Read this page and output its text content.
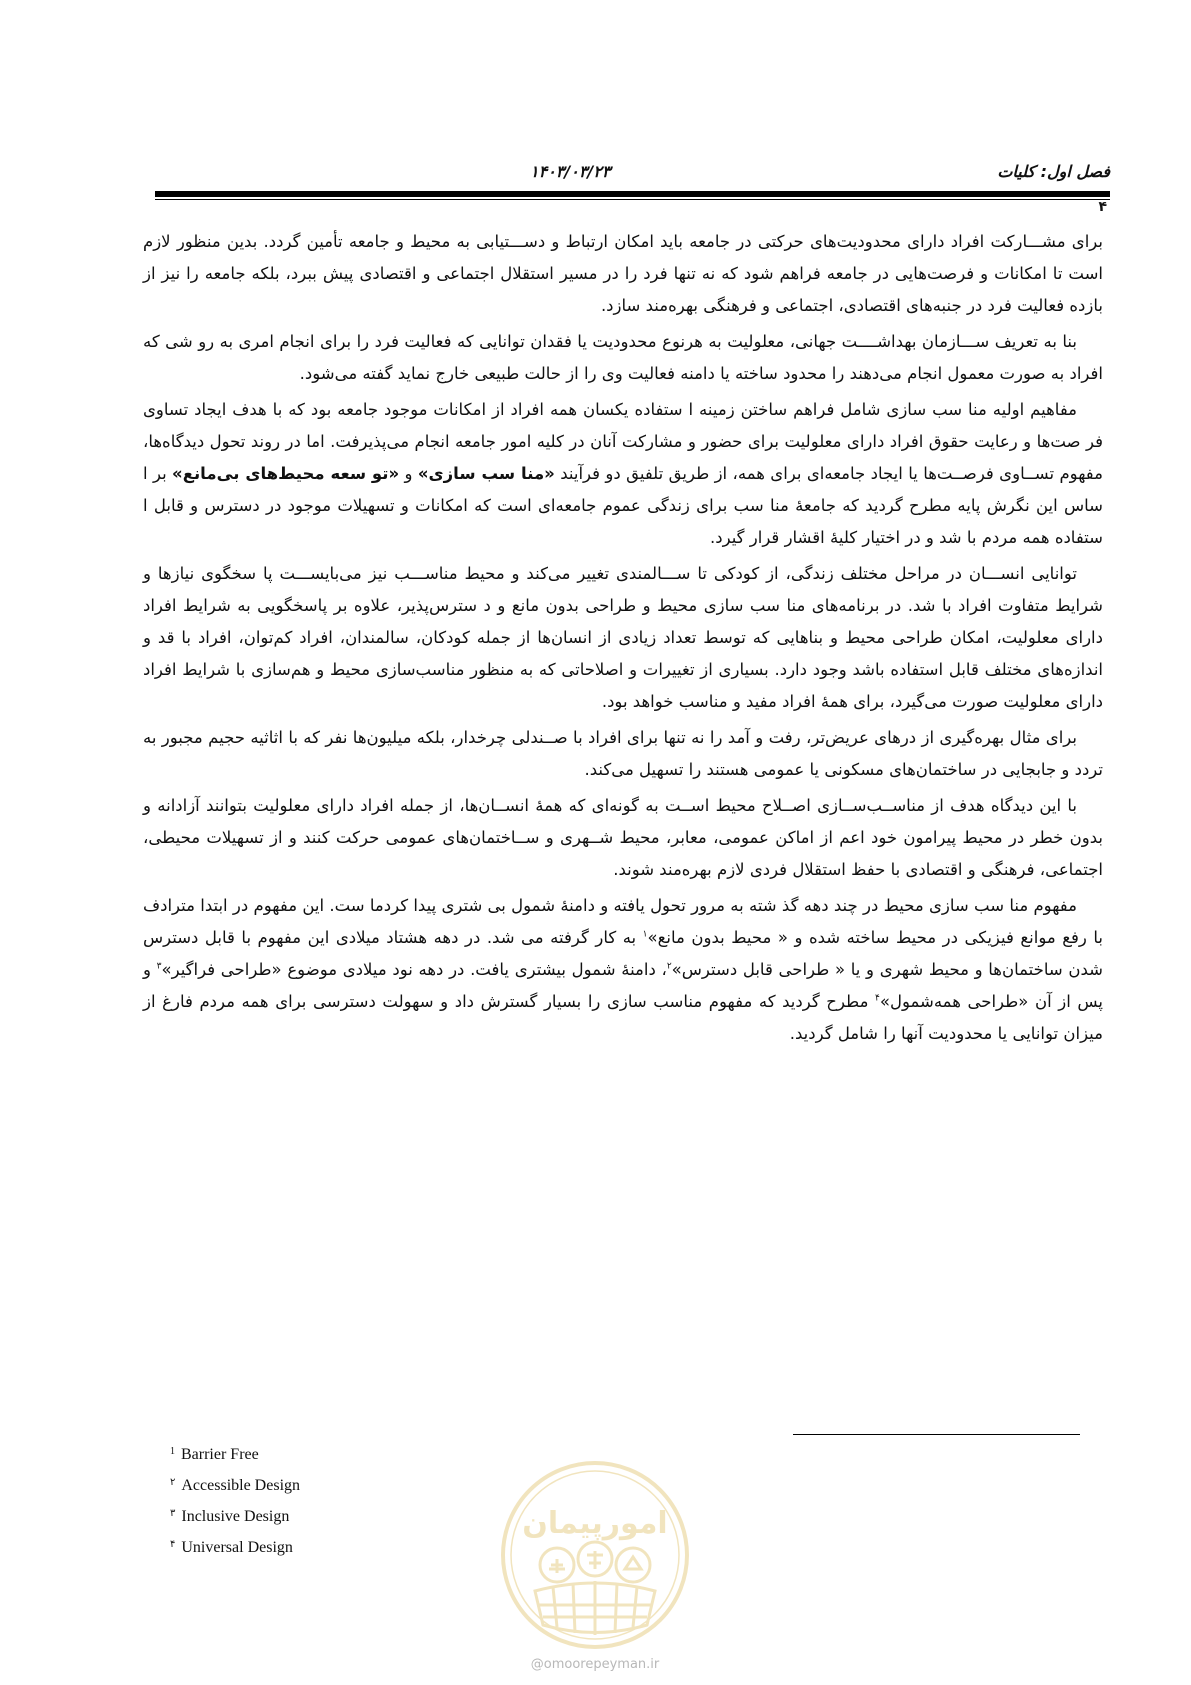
فصل اول: کلیات
۱۴۰۳/۰۳/۲۳
۴

برای مشـــارکت افراد دارای محدودیت‌های حرکتی در جامعه باید امکان ارتباط و دســـتیابی به محیط و جامعه تأمین گردد. بدین منظور لازم است تا امکانات و فرصت‌هایی در جامعه فراهم شود که نه تنها فرد را در مسیر استقلال اجتماعی و اقتصادی پیش ببرد، بلکه جامعه را نیز از بازده فعالیت فرد در جنبه‌های اقتصادی، اجتماعی و فرهنگی بهره‌مند سازد.

بنا به تعریف ســـازمان بهداشــــت جهانی، معلولیت به هرنوع محدودیت یا فقدان توانایی که فعالیت فرد را برای انجام امری به رو شی که افراد به صورت معمول انجام می‌دهند را محدود ساخته یا دامنه فعالیت وی را از حالت طبیعی خارج نماید گفته می‌شود.

مفاهیم اولیه منا سب سازی شامل فراهم ساختن زمینه ا ستفاده یکسان همه افراد از امکانات موجود جامعه بود که با هدف ایجاد تساوی فر صت‌ها و رعایت حقوق افراد دارای معلولیت برای حضور و مشارکت آنان در کلیه امور جامعه انجام می‌پذیرفت. اما در روند تحول دیدگاه‌ها، مفهوم تســاوی فرصــت‌ها یا ایجاد جامعه‌ای برای همه، از طریق تلفیق دو فرآیند «منا سب سازی» و «تو سعه محیط‌های بی‌مانع» بر ا ساس این نگرش پایه مطرح گردید که جامعهٔ منا سب برای زندگی عموم جامعه‌ای است که امکانات و تسهیلات موجود در دسترس و قابل ا ستفاده همه مردم با شد و در اختیار کلیهٔ اقشار قرار گیرد.

توانایی انســـان در مراحل مختلف زندگی، از کودکی تا ســـالمندی تغییر می‌کند و محیط مناســـب نیز می‌بایســـت پا سخگوی نیازها و شرایط متفاوت افراد با شد. در برنامه‌های منا سب سازی محیط و طراحی بدون مانع و د سترس‌پذیر، علاوه بر پاسخگویی به شرایط افراد دارای معلولیت، امکان طراحی محیط و بناهایی که توسط تعداد زیادی از انسان‌ها از جمله کودکان، سالمندان، افراد کم‌توان، افراد با قد و اندازه‌های مختلف قابل استفاده باشد وجود دارد. بسیاری از تغییرات و اصلاحاتی که به منظور مناسب‌سازی محیط و هم‌سازی با شرایط افراد دارای معلولیت صورت می‌گیرد، برای همهٔ افراد مفید و مناسب خواهد بود.

برای مثال بهره‌گیری از درهای عریض‌تر، رفت و آمد را نه تنها برای افراد با صــندلی چرخدار، بلکه میلیون‌ها نفر که با اثاثیه حجیم مجبور به تردد و جابجایی در ساختمان‌های مسکونی یا عمومی هستند را تسهیل می‌کند.

با این دیدگاه هدف از مناســب‌ســازی اصــلاح محیط اســت به گونه‌ای که همهٔ انســان‌ها، از جمله افراد دارای معلولیت بتوانند آزادانه و بدون خطر در محیط پیرامون خود اعم از اماکن عمومی، معابر، محیط شــهری و ســاختمان‌های عمومی حرکت کنند و از تسهیلات محیطی، اجتماعی، فرهنگی و اقتصادی با حفظ استقلال فردی لازم بهره‌مند شوند.

مفهوم منا سب سازی محیط در چند دهه گذ شته به مرور تحول یافته و دامنهٔ شمول بی شتری پیدا کردما ست. این مفهوم در ابتدا مترادف با رفع موانع فیزیکی در محیط ساخته شده و « محیط بدون مانع»$^۱$ به کار گرفته می شد. در دهه هشتاد میلادی این مفهوم با قابل دسترس شدن ساختمان‌ها و محیط شهری و یا « طراحی قابل دسترس»$^۲$، دامنهٔ شمول بیشتری یافت. در دهه نود میلادی موضوع «طراحی فراگیر»$^۳$ و پس از آن «طراحی همه‌شمول»$^۴$ مطرح گردید که مفهوم مناسب سازی را بسیار گسترش داد و سهولت دسترسی برای همه مردم فارغ از میزان توانایی یا محدودیت آنها را شامل گردید.

$^1$ Barrier Free
$^۲$ Accessible Design
$^۳$ Inclusive Design
$^۴$ Universal Design
امورپیمان
@omoorepeyman.ir
